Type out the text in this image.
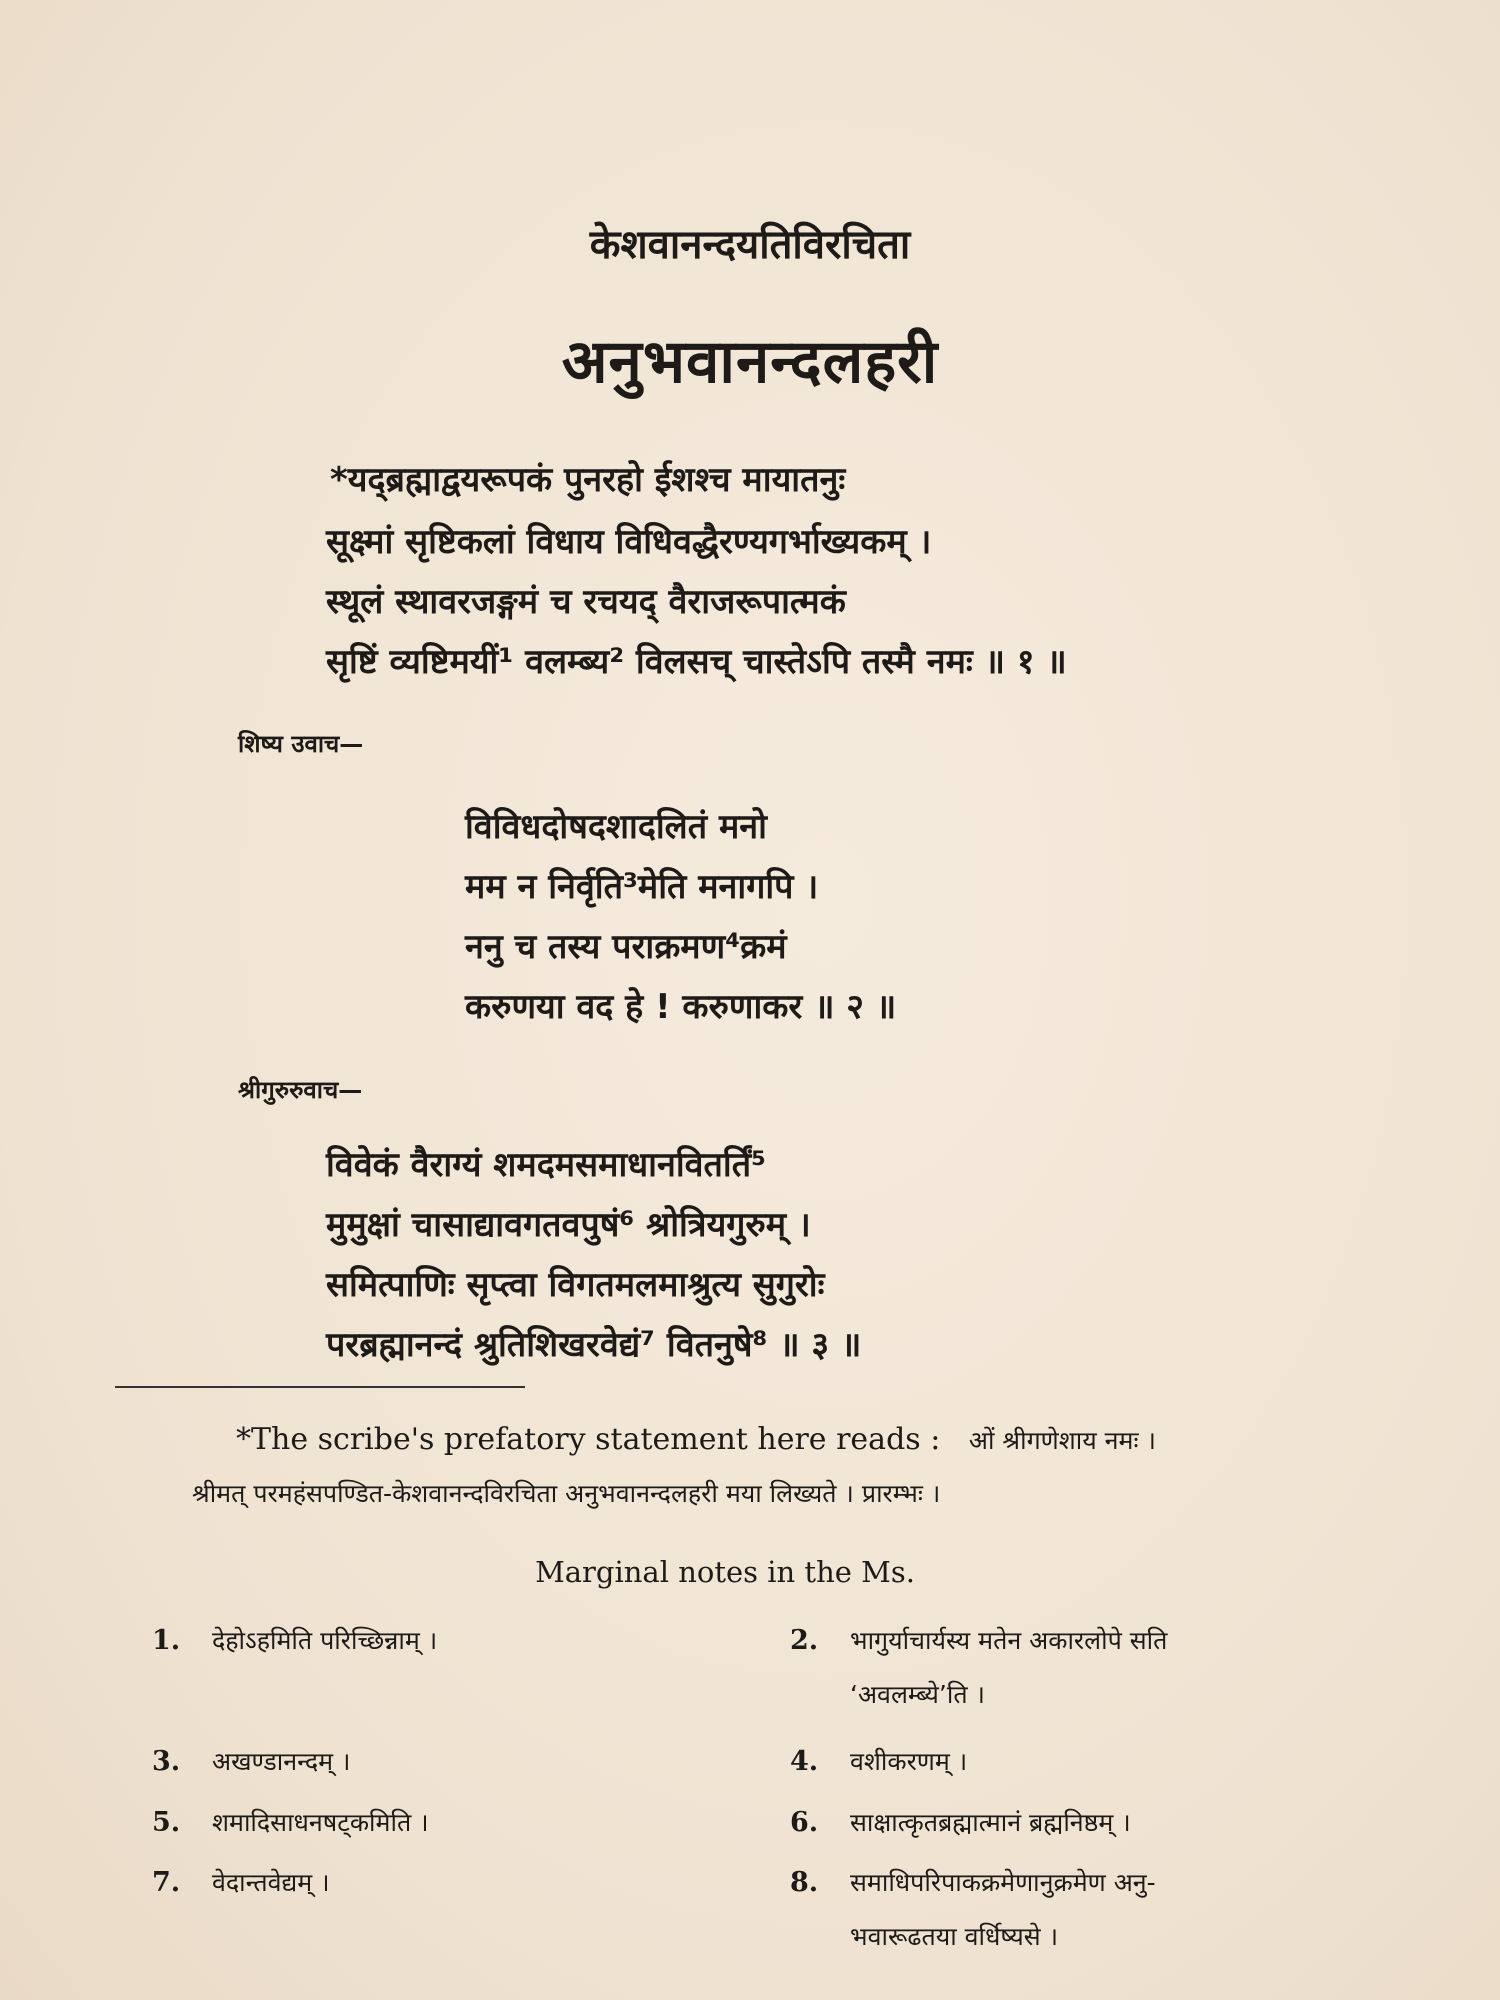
केशवानन्दयतिविरचिता
अनुभवानन्दलहरी
*यद्ब्रह्माद्वयरूपकं पुनरहो ईशश्च मायातनुः
सूक्ष्मां सृष्टिकलां विधाय विधिवद्धैरण्यगर्भाख्यकम् ।
स्थूलं स्थावरजङ्गमं च रचयद् वैराजरूपात्मकं
सृष्टिं व्यष्टिमयीं¹ वलम्ब्य² विलसच् चास्तेऽपि तस्मै नमः ॥ १ ॥
शिष्य उवाच—
विविधदोषदशादलितं मनो
मम न निर्वृति³मेति मनागपि ।
ननु च तस्य पराक्रमण⁴क्रमं
करुणया वद हे ! करुणाकर ॥ २ ॥
श्रीगुरुरुवाच—
विवेकं वैराग्यं शमदमसमाधानवितर्तिं⁵
मुमुक्षां चासाद्यावगतवपुषं⁶ श्रोत्रियगुरुम् ।
समित्पाणिः सृप्त्वा विगतमलमाश्रुत्य सुगुरोः
परब्रह्मानन्दं श्रुतिशिखरवेद्यं⁷ वितनुषे⁸ ॥ ३ ॥
*The scribe's prefatory statement here reads : ओं श्रीगणेशाय नमः ।
श्रीमत् परमहंसपण्डित-केशवानन्दविरचिता अनुभवानन्दलहरी मया लिख्यते । प्रारम्भः ।
Marginal notes in the Ms.
1. देहोऽहमिति परिच्छिन्नाम् ।
3. अखण्डानन्दम् ।
5. शमादिसाधनषट्कमिति ।
7. वेदान्तवेद्यम् ।
2. भागुर्याचार्यस्य मतेन अकारलोपे सति
‘अवलम्ब्ये’ति ।
4. वशीकरणम् ।
6. साक्षात्कृतब्रह्मात्मानं ब्रह्मनिष्ठम् ।
8. समाधिपरिपाकक्रमेणानुक्रमेण अनु-
भवारूढतया वर्धिष्यसे ।
